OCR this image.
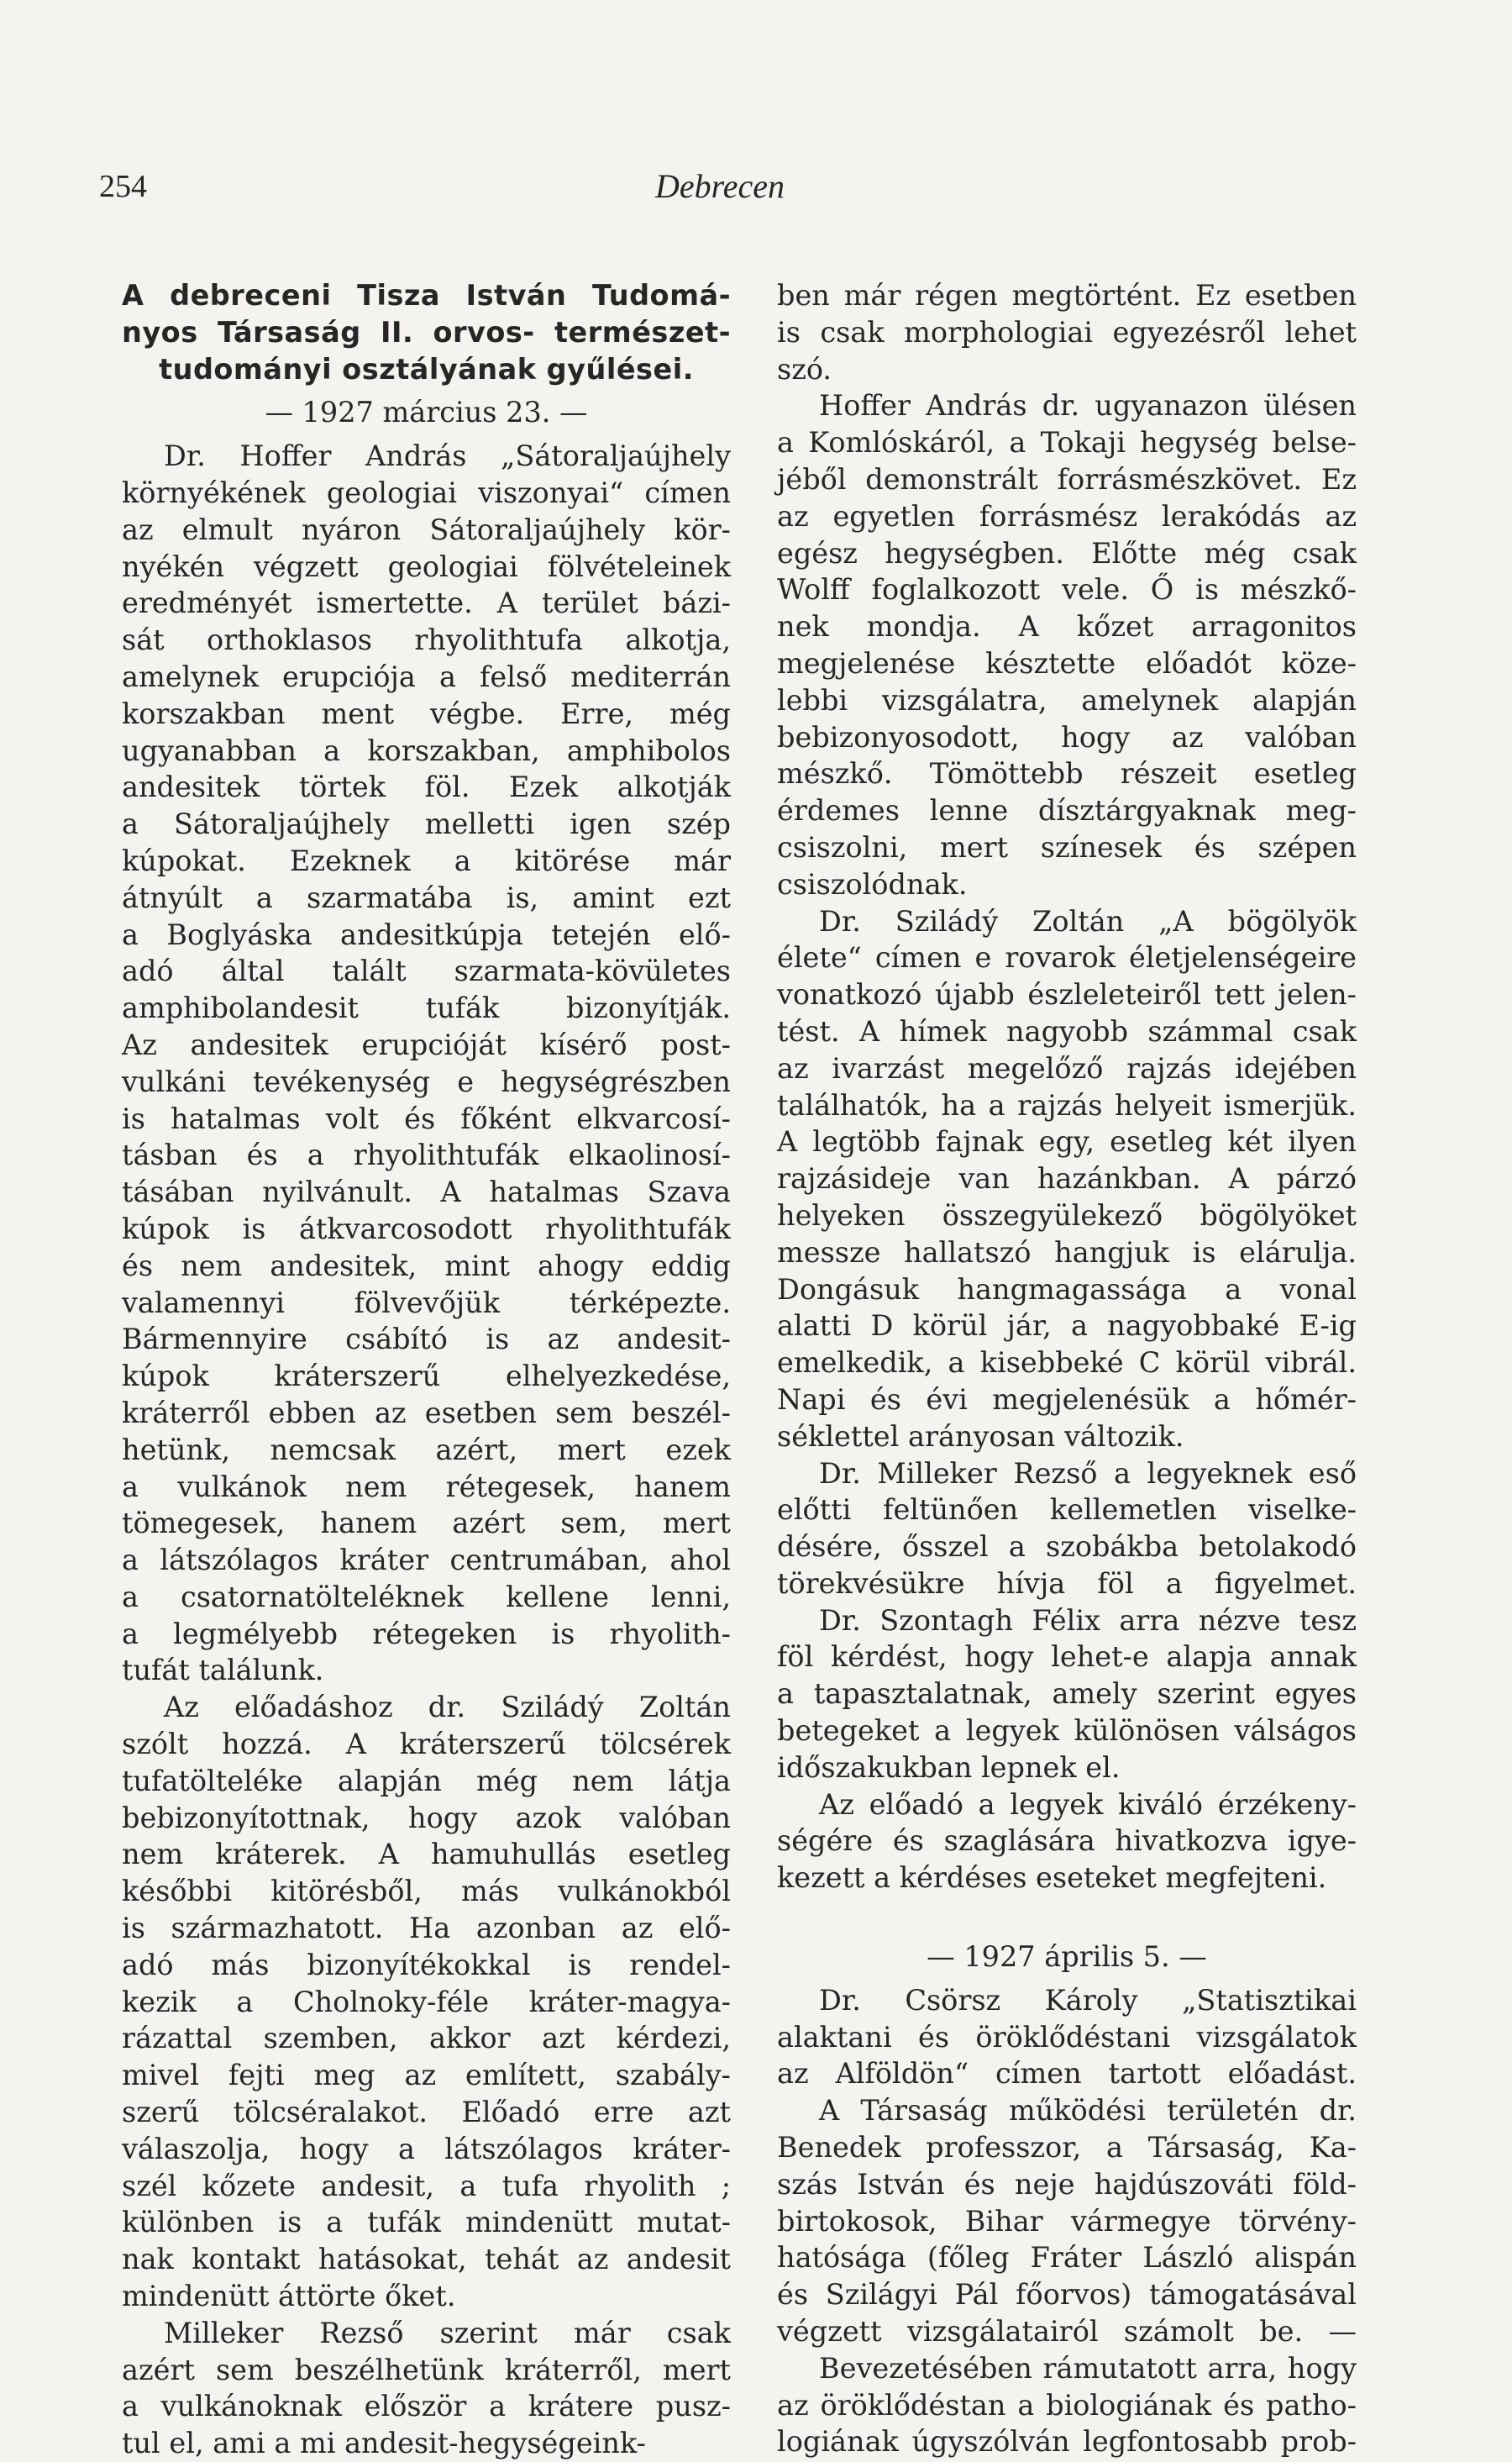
254	Debrecen
A debreceni Tisza István Tudomá-
nyos Társaság II. orvos- természet-
tudományi osztályának gyűlései.
— 1927 március 23. —
Dr. Hoffer András „Sátoraljaújhely
környékének geologiai viszonyai“ címen
az elmult nyáron Sátoraljaújhely kör-
nyékén végzett geologiai fölvételeinek
eredményét ismertette. A terület bázi-
sát orthoklasos rhyolithtufa alkotja,
amelynek erupciója a felső mediterrán
korszakban ment végbe. Erre, még
ugyanabban a korszakban, amphibolos
andesitek törtek föl. Ezek alkotják
a Sátoraljaújhely melletti igen szép
kúpokat. Ezeknek a kitörése már
átnyúlt a szarmatába is, amint ezt
a Boglyáska andesitkúpja tetején elő-
adó által talált szarmata-kövületes
amphibolandesit tufák bizonyítják.
Az andesitek erupcióját kísérő post-
vulkáni tevékenység e hegységrészben
is hatalmas volt és főként elkvarcosí-
tásban és a rhyolithtufák elkaolinosí-
tásában nyilvánult. A hatalmas Szava
kúpok is átkvarcosodott rhyolithtufák
és nem andesitek, mint ahogy eddig
valamennyi fölvevőjük térképezte.
Bármennyire csábító is az andesit-
kúpok kráterszerű elhelyezkedése,
kráterről ebben az esetben sem beszél-
hetünk, nemcsak azért, mert ezek
a vulkánok nem rétegesek, hanem
tömegesek, hanem azért sem, mert
a látszólagos kráter centrumában, ahol
a csatornatölteléknek kellene lenni,
a legmélyebb rétegeken is rhyolith-
tufát találunk.
Az előadáshoz dr. Sziládý Zoltán
szólt hozzá. A kráterszerű tölcsérek
tufatölteléke alapján még nem látja
bebizonyítottnak, hogy azok valóban
nem kráterek. A hamuhullás esetleg
későbbi kitörésből, más vulkánokból
is származhatott. Ha azonban az elő-
adó más bizonyítékokkal is rendel-
kezik a Cholnoky-féle kráter-magya-
rázattal szemben, akkor azt kérdezi,
mivel fejti meg az említett, szabály-
szerű tölcséralakot. Előadó erre azt
válaszolja, hogy a látszólagos kráter-
szél kőzete andesit, a tufa rhyolith ;
különben is a tufák mindenütt mutat-
nak kontakt hatásokat, tehát az andesit
mindenütt áttörte őket.
Milleker Rezső szerint már csak
azért sem beszélhetünk kráterről, mert
a vulkánoknak először a krátere pusz-
tul el, ami a mi andesit-hegységeink-
ben már régen megtörtént. Ez esetben
is csak morphologiai egyezésről lehet
szó.
Hoffer András dr. ugyanazon ülésen
a Komlóskáról, a Tokaji hegység belse-
jéből demonstrált forrásmészkövet. Ez
az egyetlen forrásmész lerakódás az
egész hegységben. Előtte még csak
Wolff foglalkozott vele. Ő is mészkő-
nek mondja. A kőzet arragonitos
megjelenése késztette előadót köze-
lebbi vizsgálatra, amelynek alapján
bebizonyosodott, hogy az valóban
mészkő. Tömöttebb részeit esetleg
érdemes lenne dísztárgyaknak meg-
csiszolni, mert színesek és szépen
csiszolódnak.
Dr. Sziládý Zoltán „A bögölyök
élete“ címen e rovarok életjelenségeire
vonatkozó újabb észleleteiről tett jelen-
tést. A hímek nagyobb számmal csak
az ivarzást megelőző rajzás idejében
találhatók, ha a rajzás helyeit ismerjük.
A legtöbb fajnak egy, esetleg két ilyen
rajzásideje van hazánkban. A párzó
helyeken összegyülekező bögölyöket
messze hallatszó hangjuk is elárulja.
Dongásuk hangmagassága a vonal
alatti D körül jár, a nagyobbaké E-ig
emelkedik, a kisebbeké C körül vibrál.
Napi és évi megjelenésük a hőmér-
séklettel arányosan változik.
Dr. Milleker Rezső a legyeknek eső
előtti feltünően kellemetlen viselke-
désére, ősszel a szobákba betolakodó
törekvésükre hívja föl a figyelmet.
Dr. Szontagh Félix arra nézve tesz
föl kérdést, hogy lehet-e alapja annak
a tapasztalatnak, amely szerint egyes
betegeket a legyek különösen válságos
időszakukban lepnek el.
Az előadó a legyek kiváló érzékeny-
ségére és szaglására hivatkozva igye-
kezett a kérdéses eseteket megfejteni.
— 1927 április 5. —
Dr. Csörsz Károly „Statisztikai
alaktani és öröklődéstani vizsgálatok
az Alföldön“ címen tartott előadást.
A Társaság működési területén dr.
Benedek professzor, a Társaság, Ka-
szás István és neje hajdúszováti föld-
birtokosok, Bihar vármegye törvény-
hatósága (főleg Fráter László alispán
és Szilágyi Pál főorvos) támogatásával
végzett vizsgálatairól számolt be. —
Bevezetésében rámutatott arra, hogy
az öröklődéstan a biologiának és patho-
logiának úgyszólván legfontosabb prob-
